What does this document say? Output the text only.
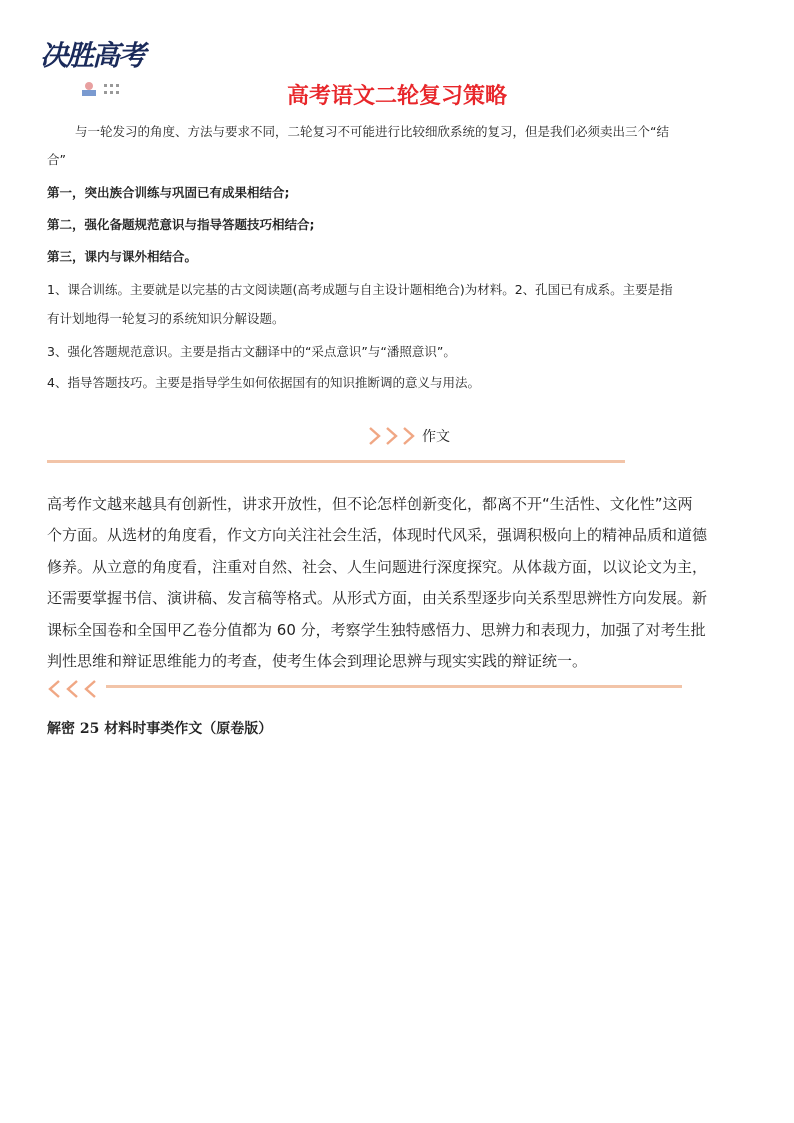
决胜高考
高考语文二轮复习策略
与一轮发习的角度、方法与要求不同，二轮复习不可能进行比较细欣系统的复习，但是我们必须卖出三个“结
合”
第一，突出族合训练与巩固已有成果相结合;
第二，强化备题规范意识与指导答题技巧相结合;
第三，课内与课外相结合。
1、课合训练。主要就是以完基的古文阅读题(高考成题与自主设计题相绝合)为材料。2、孔国已有成系。主要是指
有计划地得一轮复习的系统知识分解设题。
3、强化答题规范意识。主要是指古文翻译中的“采点意识”与“潘照意识”。
4、指导答题技巧。主要是指导学生如何依据国有的知识推断调的意义与用法。
作文
高考作文越来越具有创新性，讲求开放性，但不论怎样创新变化，都离不开“生活性、文化性”这两
个方面。从选材的角度看，作文方向关注社会生活，体现时代风采，强调积极向上的精神品质和道德
修养。从立意的角度看，注重对自然、社会、人生问题进行深度探究。从体裁方面，以议论文为主，
还需要掌握书信、演讲稿、发言稿等格式。从形式方面，由关系型逐步向关系型思辨性方向发展。新
课标全国卷和全国甲乙卷分值都为 60 分，考察学生独特感悟力、思辨力和表现力，加强了对考生批
判性思维和辩证思维能力的考查，使考生体会到理论思辨与现实实践的辩证统一。
解密 25 材料时事类作文（原卷版）
